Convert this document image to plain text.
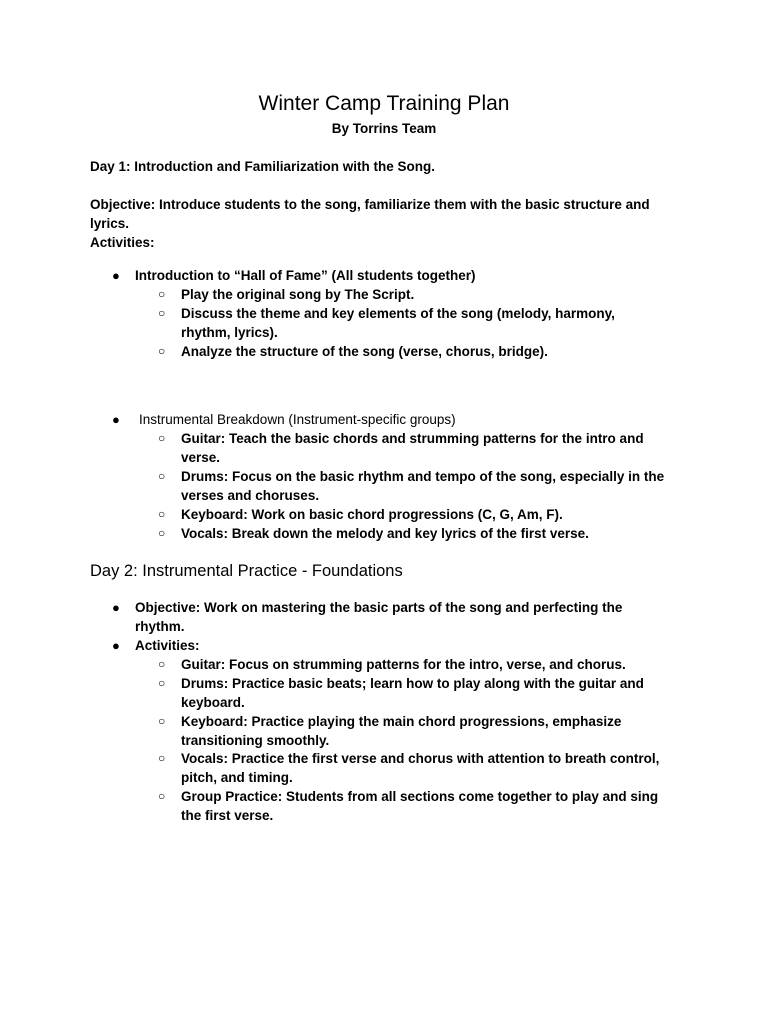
Winter Camp Training Plan
By Torrins Team
Day 1: Introduction and Familiarization with the Song.
Objective: Introduce students to the song, familiarize them with the basic structure and
lyrics.
Activities:
● Introduction to “Hall of Fame” (All students together)
○ Play the original song by The Script.
○ Discuss the theme and key elements of the song (melody, harmony,
rhythm, lyrics).
○ Analyze the structure of the song (verse, chorus, bridge).
● Instrumental Breakdown (Instrument-specific groups)
○ Guitar: Teach the basic chords and strumming patterns for the intro and
verse.
○ Drums: Focus on the basic rhythm and tempo of the song, especially in the
verses and choruses.
○ Keyboard: Work on basic chord progressions (C, G, Am, F).
○ Vocals: Break down the melody and key lyrics of the first verse.
Day 2: Instrumental Practice - Foundations
● Objective: Work on mastering the basic parts of the song and perfecting the
rhythm.
● Activities:
○ Guitar: Focus on strumming patterns for the intro, verse, and chorus.
○ Drums: Practice basic beats; learn how to play along with the guitar and
keyboard.
○ Keyboard: Practice playing the main chord progressions, emphasize
transitioning smoothly.
○ Vocals: Practice the first verse and chorus with attention to breath control,
pitch, and timing.
○ Group Practice: Students from all sections come together to play and sing
the first verse.
